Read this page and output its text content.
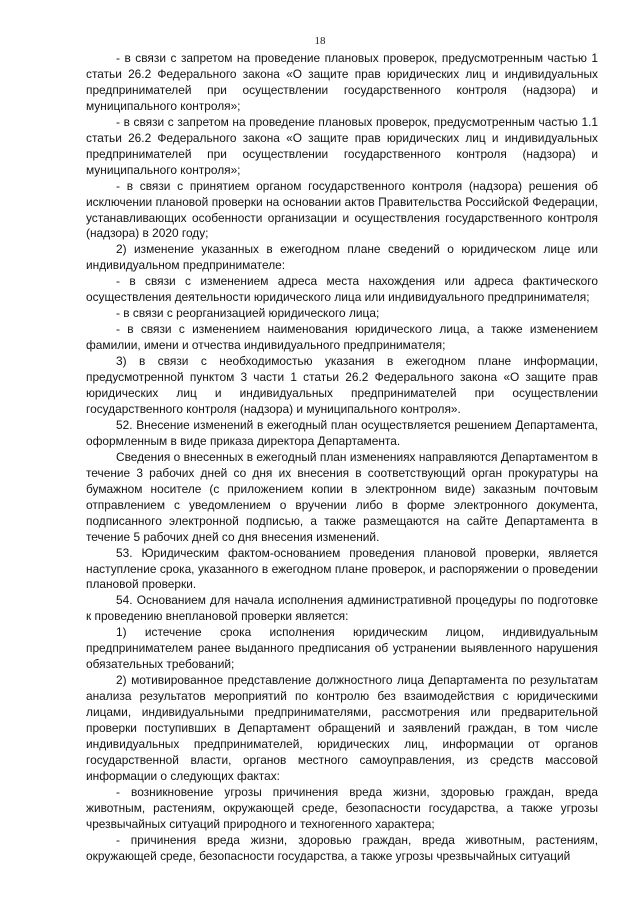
18

- в связи с запретом на проведение плановых проверок, предусмотренным частью 1 статьи 26.2 Федерального закона «О защите прав юридических лиц и индивидуальных предпринимателей при осуществлении государственного контроля (надзора) и муниципального контроля»;

- в связи с запретом на проведение плановых проверок, предусмотренным частью 1.1 статьи 26.2 Федерального закона «О защите прав юридических лиц и индивидуальных предпринимателей при осуществлении государственного контроля (надзора) и муниципального контроля»;

- в связи с принятием органом государственного контроля (надзора) решения об исключении плановой проверки на основании актов Правительства Российской Федерации, устанавливающих особенности организации и осуществления государственного контроля (надзора) в 2020 году;

2) изменение указанных в ежегодном плане сведений о юридическом лице или индивидуальном предпринимателе:

- в связи с изменением адреса места нахождения или адреса фактического осуществления деятельности юридического лица или индивидуального предпринимателя;

- в связи с реорганизацией юридического лица;

- в связи с изменением наименования юридического лица, а также изменением фамилии, имени и отчества индивидуального предпринимателя;

3) в связи с необходимостью указания в ежегодном плане информации, предусмотренной пунктом 3 части 1 статьи 26.2 Федерального закона «О защите прав юридических лиц и индивидуальных предпринимателей при осуществлении государственного контроля (надзора) и муниципального контроля».

52. Внесение изменений в ежегодный план осуществляется решением Департамента, оформленным в виде приказа директора Департамента.

Сведения о внесенных в ежегодный план изменениях направляются Департаментом в течение 3 рабочих дней со дня их внесения в соответствующий орган прокуратуры на бумажном носителе (с приложением копии в электронном виде) заказным почтовым отправлением с уведомлением о вручении либо в форме электронного документа, подписанного электронной подписью, а также размещаются на сайте Департамента в течение 5 рабочих дней со дня внесения изменений.

53. Юридическим фактом-основанием проведения плановой проверки, является наступление срока, указанного в ежегодном плане проверок, и распоряжении о проведении плановой проверки.

54. Основанием для начала исполнения административной процедуры по подготовке к проведению внеплановой проверки является:

1) истечение срока исполнения юридическим лицом, индивидуальным предпринимателем ранее выданного предписания об устранении выявленного нарушения обязательных требований;

2) мотивированное представление должностного лица Департамента по результатам анализа результатов мероприятий по контролю без взаимодействия с юридическими лицами, индивидуальными предпринимателями, рассмотрения или предварительной проверки поступивших в Департамент обращений и заявлений граждан, в том числе индивидуальных предпринимателей, юридических лиц, информации от органов государственной власти, органов местного самоуправления, из средств массовой информации о следующих фактах:

- возникновение угрозы причинения вреда жизни, здоровью граждан, вреда животным, растениям, окружающей среде, безопасности государства, а также угрозы чрезвычайных ситуаций природного и техногенного характера;

- причинения вреда жизни, здоровью граждан, вреда животным, растениям, окружающей среде, безопасности государства, а также угрозы чрезвычайных ситуаций
